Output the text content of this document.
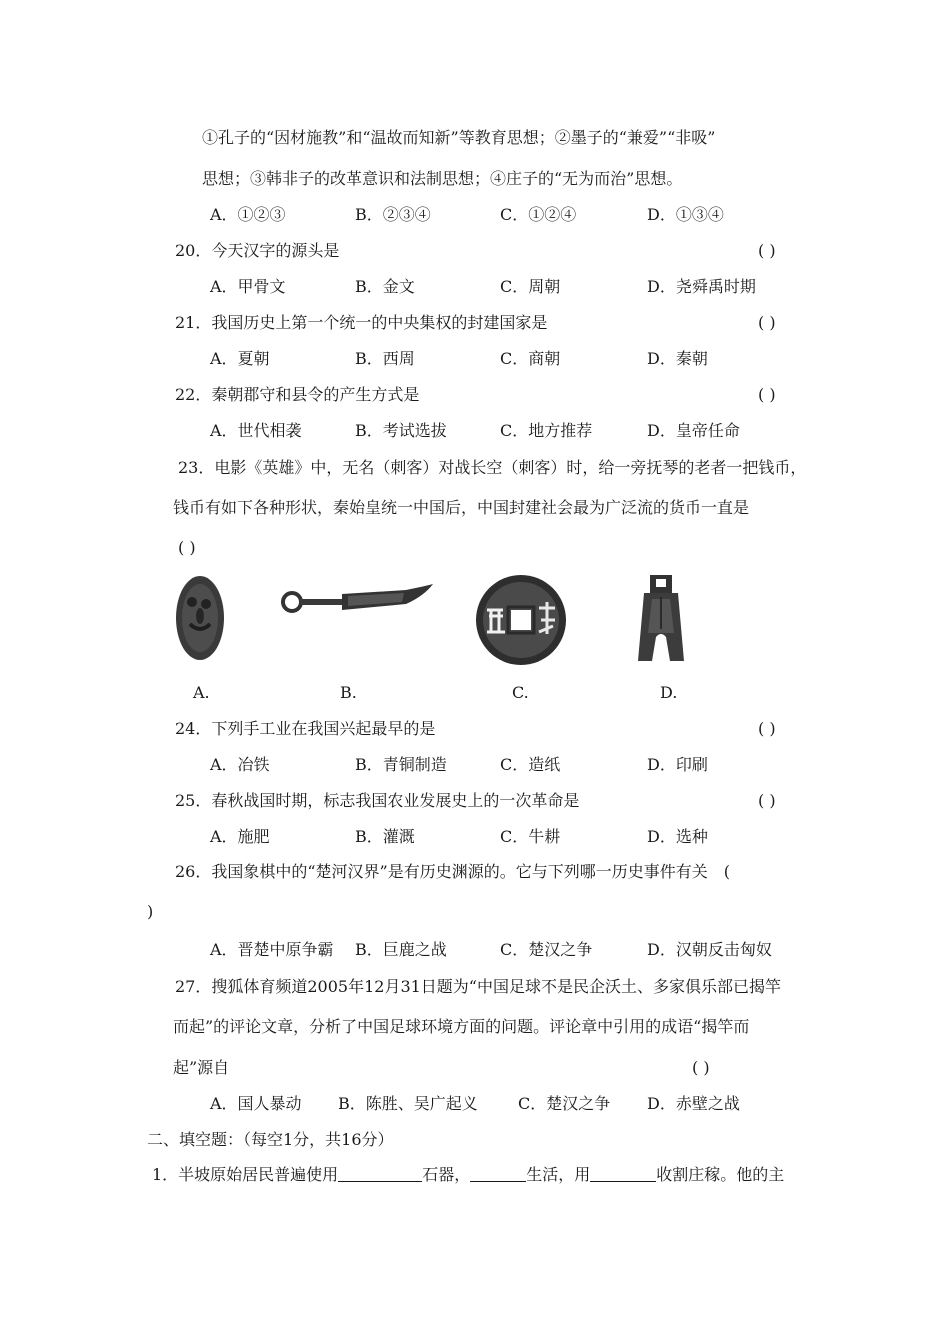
①孔子的“因材施教”和“温故而知新”等教育思想；②墨子的“兼爱”“非吸”
思想；③韩非子的改革意识和法制思想；④庄子的“无为而治”思想。
A．①②③	B．②③④	C．①②④	D．①③④
20．今天汉字的源头是	( )
A．甲骨文	B．金文	C．周朝	D．尧舜禹时期
21．我国历史上第一个统一的中央集权的封建国家是	( )
A．夏朝	B．西周	C．商朝	D．秦朝
22．秦朝郡守和县令的产生方式是	( )
A．世代相袭	B．考试选拔	C．地方推荐	D．皇帝任命
23．电影《英雄》中，无名（刺客）对战长空（刺客）时，给一旁抚琴的老者一把钱币，
钱币有如下各种形状，秦始皇统一中国后，中国封建社会最为广泛流的货币一直是
( )
A.	B.	C.	D.
24．下列手工业在我国兴起最早的是	( )
A．冶铁	B．青铜制造	C．造纸	D．印刷
25．春秋战国时期，标志我国农业发展史上的一次革命是	( )
A．施肥	B．灌溉	C．牛耕	D．选种
26．我国象棋中的“楚河汉界”是有历史渊源的。它与下列哪一历史事件有关　(
)
A．晋楚中原争霸 B．巨鹿之战	C．楚汉之争	D．汉朝反击匈奴
27．搜狐体育频道2005年12月31日题为“中国足球不是民企沃土、多家俱乐部已揭竿
而起”的评论文章，分析了中国足球环境方面的问题。评论章中引用的成语“揭竿而
起”源自	( )
A．国人暴动 B．陈胜、吴广起义	C．楚汉之争 D．赤壁之战
二、填空题：（每空1分，共16分）
1．半坡原始居民普遍使用	石器，	生活，用	收割庄稼。他的主
